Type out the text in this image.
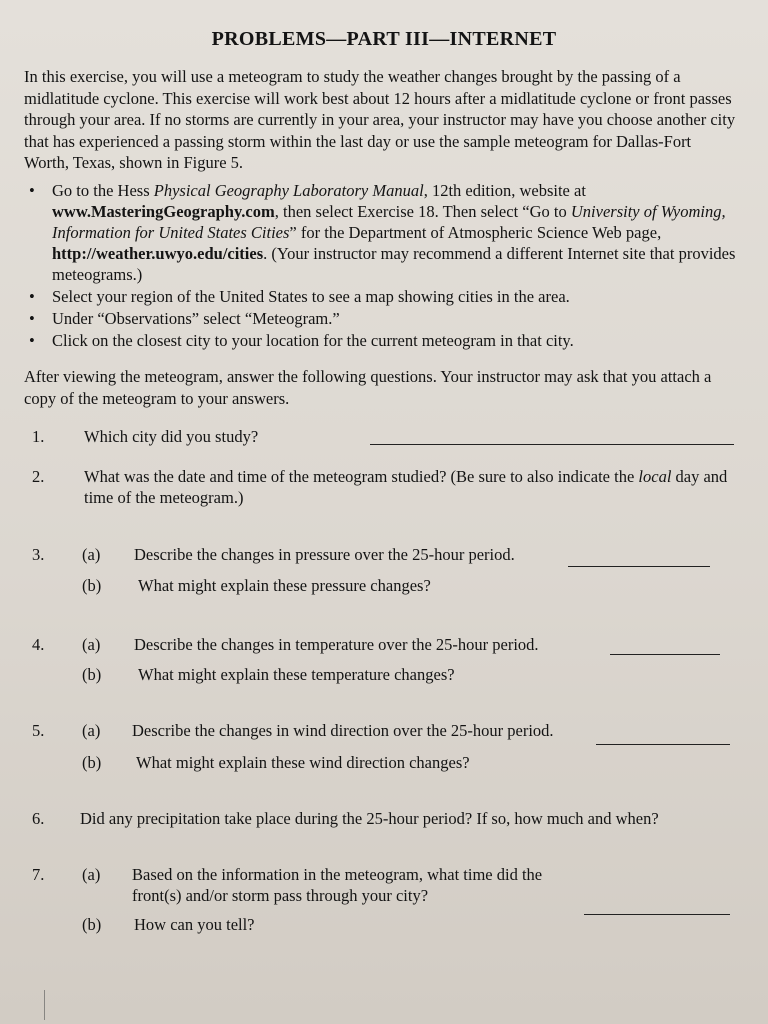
PROBLEMS—PART III—INTERNET
In this exercise, you will use a meteogram to study the weather changes brought by the passing of a midlatitude cyclone. This exercise will work best about 12 hours after a midlatitude cyclone or front passes through your area. If no storms are currently in your area, your instructor may have you choose another city that has experienced a passing storm within the last day or use the sample meteogram for Dallas-Fort Worth, Texas, shown in Figure 5.
• Go to the Hess Physical Geography Laboratory Manual, 12th edition, website at www.MasteringGeography.com, then select Exercise 18. Then select “Go to University of Wyoming, Information for United States Cities” for the Department of Atmospheric Science Web page, http://weather.uwyo.edu/cities. (Your instructor may recommend a different Internet site that provides meteograms.)
• Select your region of the United States to see a map showing cities in the area.
• Under “Observations” select “Meteogram.”
• Click on the closest city to your location for the current meteogram in that city.
After viewing the meteogram, answer the following questions. Your instructor may ask that you attach a copy of the meteogram to your answers.
1. Which city did you study?
2. What was the date and time of the meteogram studied? (Be sure to also indicate the local day and time of the meteogram.)
3. (a) Describe the changes in pressure over the 25-hour period.
(b) What might explain these pressure changes?
4. (a) Describe the changes in temperature over the 25-hour period.
(b) What might explain these temperature changes?
5. (a) Describe the changes in wind direction over the 25-hour period.
(b) What might explain these wind direction changes?
6. Did any precipitation take place during the 25-hour period? If so, how much and when?
7. (a) Based on the information in the meteogram, what time did the front(s) and/or storm pass through your city?
(b) How can you tell?
